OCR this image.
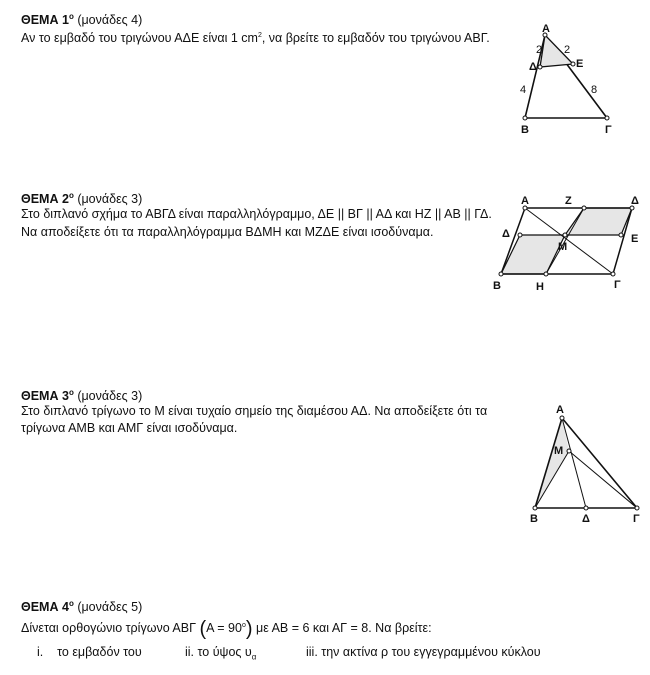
ΘΕΜΑ $1^o$ (μονάδες 4)
Αν το εμβαδό του τριγώνου ΑΔΕ είναι 1 $cm^2$, να βρείτε το εμβαδόν του τριγώνου ΑΒΓ.
Α
Δ	Ε
Β	Γ
2 2
4	8
ΘΕΜΑ $2^o$ (μονάδες 3)
Στο διπλανό σχήμα το ΑΒΓΔ είναι παραλληλόγραμμο, ΔΕ || ΒΓ || ΑΔ και ΗΖ || ΑΒ || ΓΔ.
Να αποδείξετε ότι τα παραλληλόγραμμα ΒΔΜΗ και ΜΖΔΕ είναι ισοδύναμα.
Α	Ζ	Δ
Δ	Ε
Μ
Β	Η	Γ
ΘΕΜΑ $3^o$ (μονάδες 3)
Στο διπλανό τρίγωνο το Μ είναι τυχαίο σημείο της διαμέσου ΑΔ. Να αποδείξετε ότι τα
τρίγωνα ΑΜΒ και ΑΜΓ είναι ισοδύναμα.
Α
Μ
Β	Δ	Γ
ΘΕΜΑ $4^o$ (μονάδες 5)
Δίνεται ορθογώνιο τρίγωνο ΑΒΓ $(A = 90^o)$ με ΑΒ = 6 και ΑΓ = 8. Να βρείτε:
i. το εμβαδόν του	ii. το ύψος $\upsilon_\alpha$	iii. την ακτίνα ρ του εγγεγραμμένου κύκλου
